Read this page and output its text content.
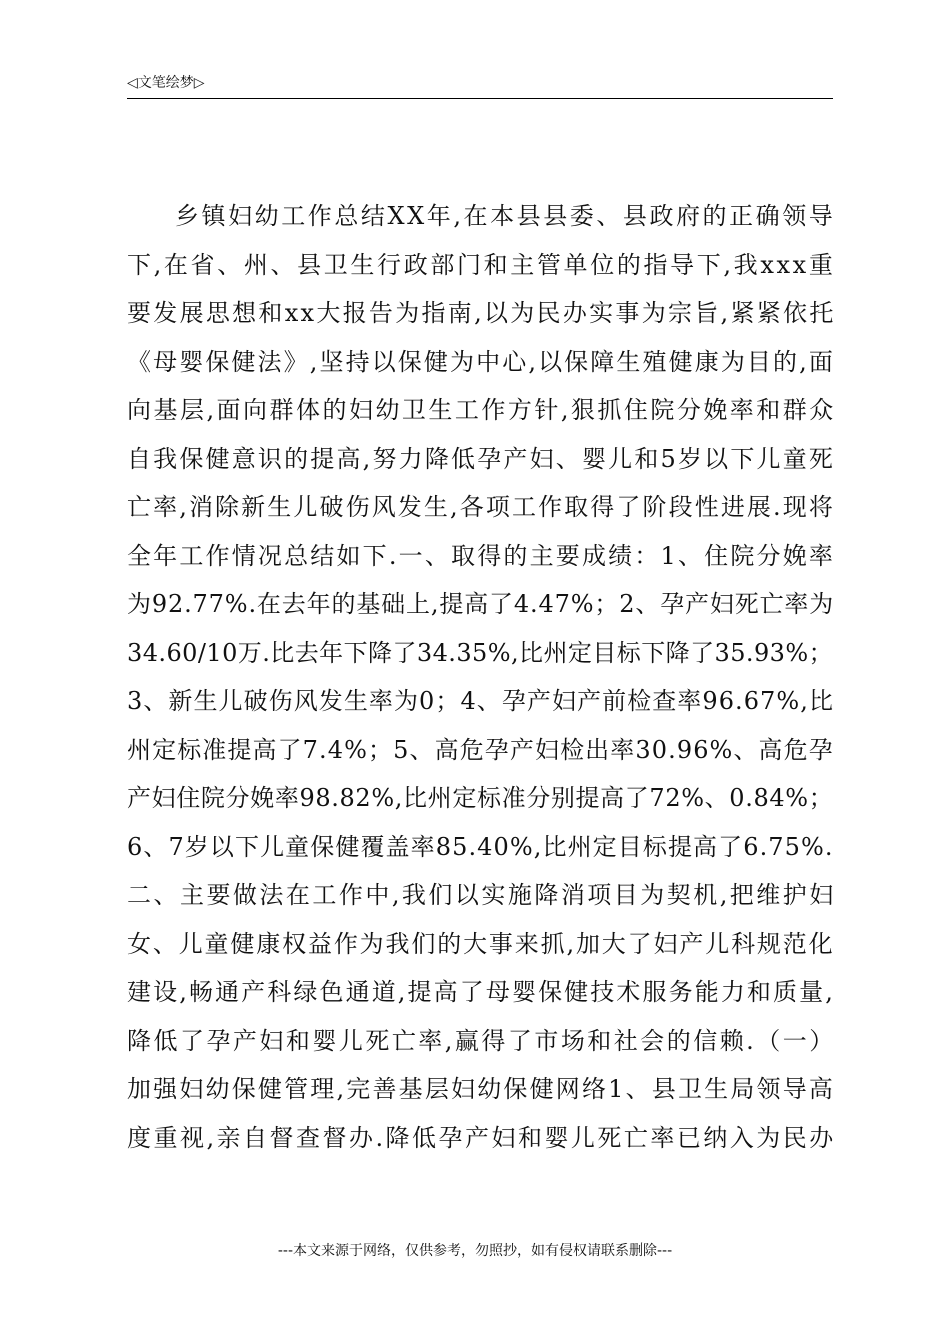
◁文笔绘梦▷
乡镇妇幼工作总结XX年,在本县县委、县政府的正确领导
下,在省、州、县卫生行政部门和主管单位的指导下,我xxx重
要发展思想和xx大报告为指南,以为民办实事为宗旨,紧紧依托
《母婴保健法》,坚持以保健为中心,以保障生殖健康为目的,面
向基层,面向群体的妇幼卫生工作方针,狠抓住院分娩率和群众
自我保健意识的提高,努力降低孕产妇、婴儿和5岁以下儿童死
亡率,消除新生儿破伤风发生,各项工作取得了阶段性进展.现将
全年工作情况总结如下.一、取得的主要成绩：1、住院分娩率
为92.77%.在去年的基础上,提高了4.47%；2、孕产妇死亡率为
34.60/10万.比去年下降了34.35%,比州定目标下降了35.93%；
3、新生儿破伤风发生率为0；4、孕产妇产前检查率96.67%,比
州定标准提高了7.4%；5、高危孕产妇检出率30.96%、高危孕
产妇住院分娩率98.82%,比州定标准分别提高了72%、0.84%；
6、7岁以下儿童保健覆盖率85.40%,比州定目标提高了6.75%.
二、主要做法在工作中,我们以实施降消项目为契机,把维护妇
女、儿童健康权益作为我们的大事来抓,加大了妇产儿科规范化
建设,畅通产科绿色通道,提高了母婴保健技术服务能力和质量,
降低了孕产妇和婴儿死亡率,赢得了市场和社会的信赖.（一）
加强妇幼保健管理,完善基层妇幼保健网络1、县卫生局领导高
度重视,亲自督查督办.降低孕产妇和婴儿死亡率已纳入为民办
---本文来源于网络，仅供参考，勿照抄，如有侵权请联系删除---
